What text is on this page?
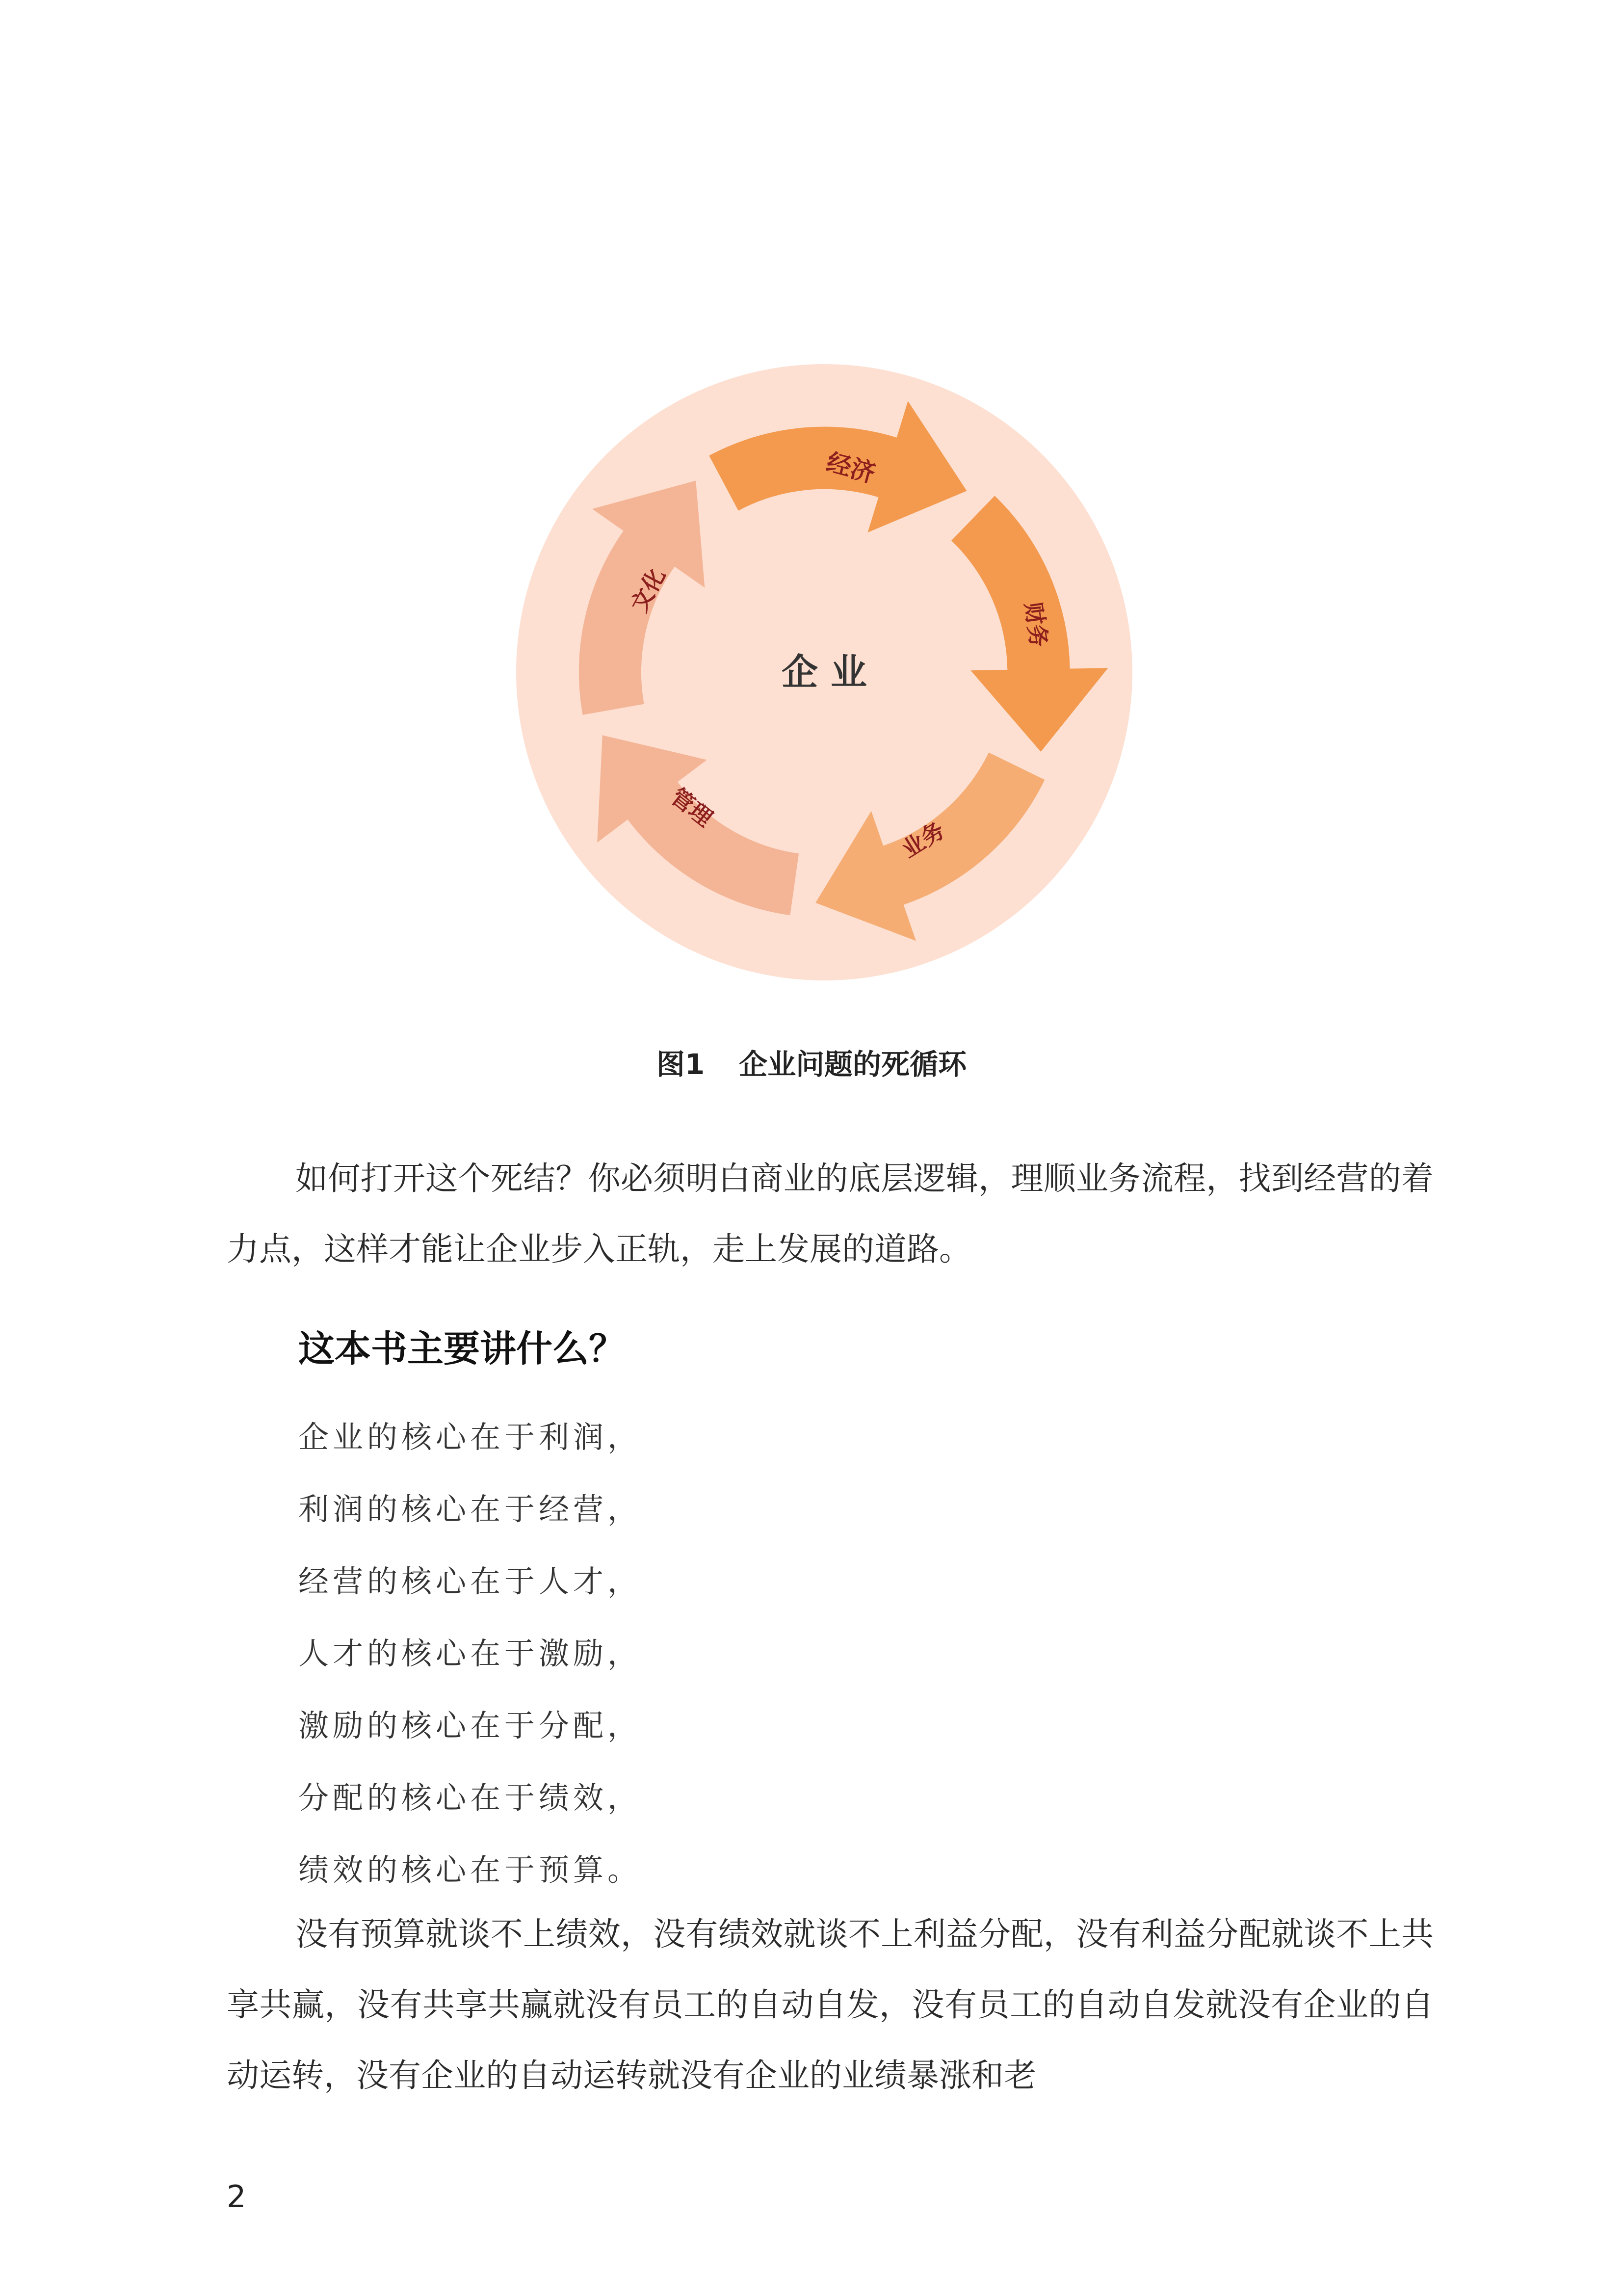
企 业
经济
财务
业务
管理
文化
图1 企业问题的死循环
如何打开这个死结？你必须明白商业的底层逻辑，理顺业务流程，找到经营的着力点，这样才能让企业步入正轨，走上发展的道路。
这本书主要讲什么？
企业的核心在于利润，
利润的核心在于经营，
经营的核心在于人才，
人才的核心在于激励，
激励的核心在于分配，
分配的核心在于绩效，
绩效的核心在于预算。
没有预算就谈不上绩效，没有绩效就谈不上利益分配，没有利益分配就谈不上共享共赢，没有共享共赢就没有员工的自动自发，没有员工的自动自发就没有企业的自动运转，没有企业的自动运转就没有企业的业绩暴涨和老
2
